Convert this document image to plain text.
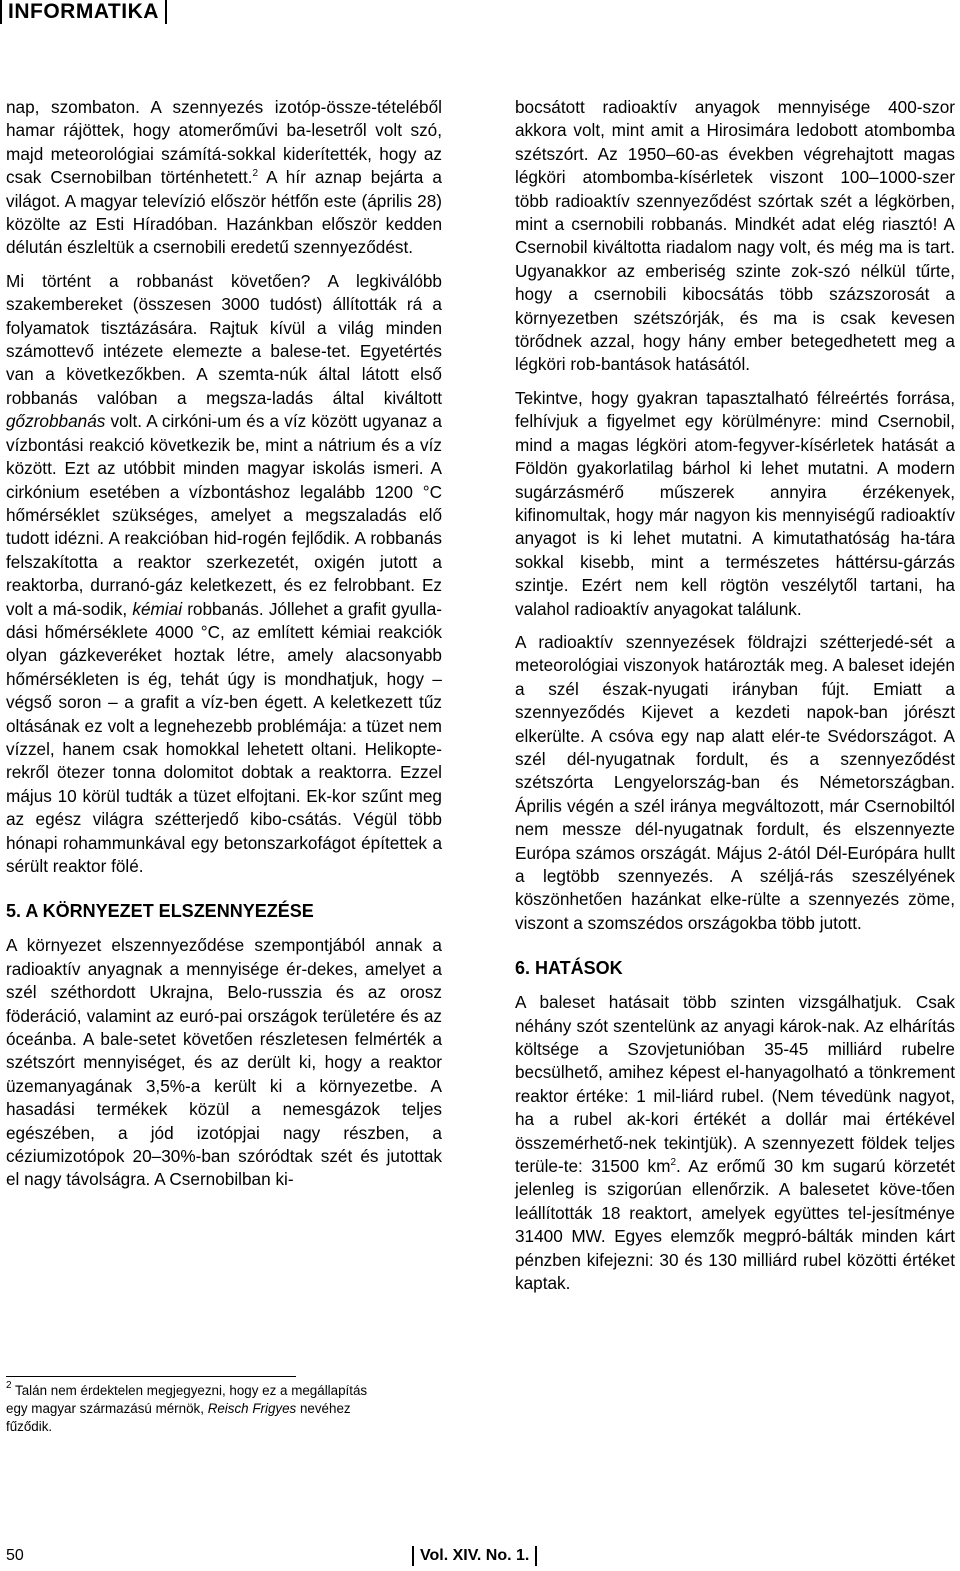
INFORMATIKA

nap, szombaton. A szennyezés izotóp-össze-tételéből hamar rájöttek, hogy atomerőművi ba-lesetről volt szó, majd meteorológiai számítá-sokkal kiderítették, hogy az csak Csernobilban történhetett.$^2$ A hír aznap bejárta a világot. A magyar televízió először hétfőn este (április 28) közölte az Esti Híradóban. Hazánkban először kedden délután észleltük a csernobili eredetű szennyeződést.

Mi történt a robbanást követően? A legkiválóbb szakembereket (összesen 3000 tudóst) állították rá a folyamatok tisztázására. Rajtuk kívül a világ minden számottevő intézete elemezte a balese-tet. Egyetértés van a következőkben. A szemta-núk által látott első robbanás valóban a megsza-ladás által kiváltott gőzrobbanás volt. A cirkóni-um és a víz között ugyanaz a vízbontási reakció következik be, mint a nátrium és a víz között. Ezt az utóbbit minden magyar iskolás ismeri. A cirkónium esetében a vízbontáshoz legalább 1200 °C hőmérséklet szükséges, amelyet a megszaladás elő tudott idézni. A reakcióban hid-rogén fejlődik. A robbanás felszakította a reaktor szerkezetét, oxigén jutott a reaktorba, durranó-gáz keletkezett, és ez felrobbant. Ez volt a má-sodik, kémiai robbanás. Jóllehet a grafit gyulla-dási hőmérséklete 4000 °C, az említett kémiai reakciók olyan gázkeveréket hoztak létre, amely alacsonyabb hőmérsékleten is ég, tehát úgy is mondhatjuk, hogy – végső soron – a grafit a víz-ben égett. A keletkezett tűz oltásának ez volt a legnehezebb problémája: a tüzet nem vízzel, hanem csak homokkal lehetett oltani. Helikopte-rekről ötezer tonna dolomitot dobtak a reaktorra. Ezzel május 10 körül tudták a tüzet elfojtani. Ek-kor szűnt meg az egész világra szétterjedő kibo-csátás. Végül több hónapi rohammunkával egy betonszarkofágot építettek a sérült reaktor fölé.

5. A KÖRNYEZET ELSZENNYEZÉSE

A környezet elszennyeződése szempontjából annak a radioaktív anyagnak a mennyisége ér-dekes, amelyet a szél széthordott Ukrajna, Belo-russzia és az orosz föderáció, valamint az euró-pai országok területére és az óceánba. A bale-setet követően részletesen felmérték a szétszórt mennyiséget, és az derült ki, hogy a reaktor üzemanyagának 3,5%-a került ki a környezetbe. A hasadási termékek közül a nemesgázok teljes egészében, a jód izotópjai nagy részben, a céziumizotópok 20–30%-ban szóródtak szét és jutottak el nagy távolságra. A Csernobilban ki-

$^2$ Talán nem érdektelen megjegyezni, hogy ez a megállapítás egy magyar származású mérnök, Reisch Frigyes nevéhez fűződik.

bocsátott radioaktív anyagok mennyisége 400-szor akkora volt, mint amit a Hirosimára ledobott atombomba szétszórt. Az 1950–60-as években végrehajtott magas légköri atombomba-kísérletek viszont 100–1000-szer több radioaktív szennyeződést szórtak szét a légkörben, mint a csernobili robbanás. Mindkét adat elég riasztó! A Csernobil kiváltotta riadalom nagy volt, és még ma is tart. Ugyanakkor az emberiség szinte zok-szó nélkül tűrte, hogy a csernobili kibocsátás több százszorosát a környezetben szétszórják, és ma is csak kevesen törődnek azzal, hogy hány ember betegedhetett meg a légköri rob-bantások hatásától.

Tekintve, hogy gyakran tapasztalható félreértés forrása, felhívjuk a figyelmet egy körülményre: mind Csernobil, mind a magas légköri atom-fegyver-kísérletek hatását a Földön gyakorlatilag bárhol ki lehet mutatni. A modern sugárzásmérő műszerek annyira érzékenyek, kifinomultak, hogy már nagyon kis mennyiségű radioaktív anyagot is ki lehet mutatni. A kimutathatóság ha-tára sokkal kisebb, mint a természetes háttérsu-gárzás szintje. Ezért nem kell rögtön veszélytől tartani, ha valahol radioaktív anyagokat találunk.

A radioaktív szennyezések földrajzi szétterjedé-sét a meteorológiai viszonyok határozták meg. A baleset idején a szél észak-nyugati irányban fújt. Emiatt a szennyeződés Kijevet a kezdeti napok-ban jórészt elkerülte. A csóva egy nap alatt elér-te Svédországot. A szél dél-nyugatnak fordult, és a szennyeződést szétszórta Lengyelország-ban és Németországban. Április végén a szél iránya megváltozott, már Csernobiltól nem messze dél-nyugatnak fordult, és elszennyezte Európa számos országát. Május 2-ától Dél-Európára hullt a legtöbb szennyezés. A széljá-rás szeszélyének köszönhetően hazánkat elke-rülte a szennyezés zöme, viszont a szomszédos országokba több jutott.

6. HATÁSOK

A baleset hatásait több szinten vizsgálhatjuk. Csak néhány szót szentelünk az anyagi károk-nak. Az elhárítás költsége a Szovjetunióban 35-45 milliárd rubelre becsülhető, amihez képest el-hanyagolható a tönkrement reaktor értéke: 1 mil-liárd rubel. (Nem tévedünk nagyot, ha a rubel ak-kori értékét a dollár mai értékével összemérhető-nek tekintjük). A szennyezett földek teljes terüle-te: 31500 $km^2$. Az erőmű 30 km sugarú körzetét jelenleg is szigorúan ellenőrzik. A balesetet köve-tően leállították 18 reaktort, amelyek együttes tel-jesítménye 31400 MW. Egyes elemzők megpró-bálták minden kárt pénzben kifejezni: 30 és 130 milliárd rubel közötti értéket kaptak.

50	Vol. XIV. No. 1.
